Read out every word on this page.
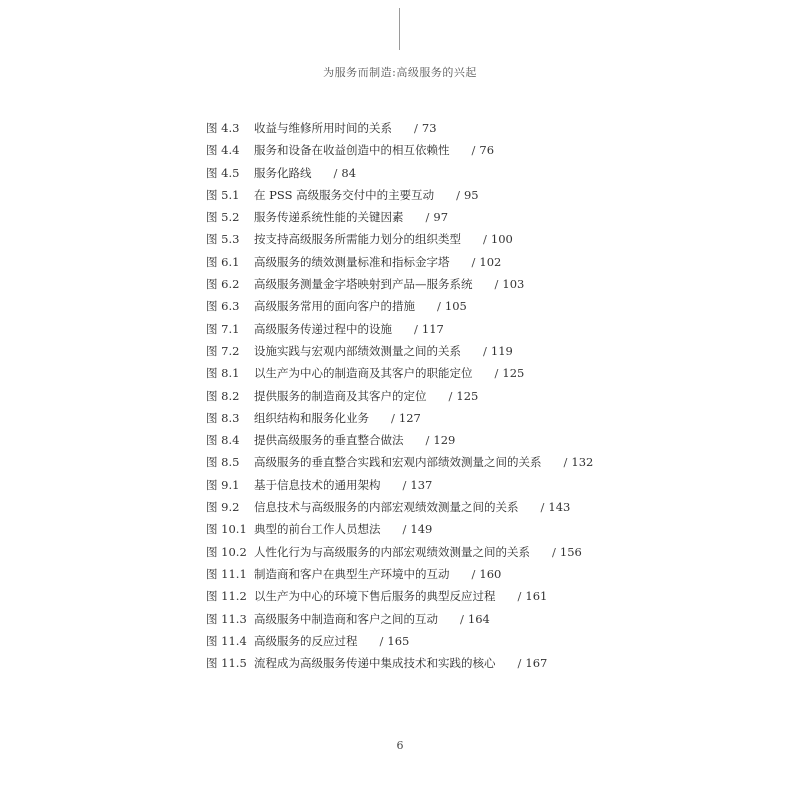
为服务而制造:高级服务的兴起
图 4.3	收益与维修所用时间的关系 / 73
图 4.4	服务和设备在收益创造中的相互依赖性 / 76
图 4.5	服务化路线 / 84
图 5.1	在 PSS 高级服务交付中的主要互动 / 95
图 5.2	服务传递系统性能的关键因素 / 97
图 5.3	按支持高级服务所需能力划分的组织类型 / 100
图 6.1	高级服务的绩效测量标准和指标金字塔 / 102
图 6.2	高级服务测量金字塔映射到产品—服务系统 / 103
图 6.3	高级服务常用的面向客户的措施 / 105
图 7.1	高级服务传递过程中的设施 / 117
图 7.2	设施实践与宏观内部绩效测量之间的关系 / 119
图 8.1	以生产为中心的制造商及其客户的职能定位 / 125
图 8.2	提供服务的制造商及其客户的定位 / 125
图 8.3	组织结构和服务化业务 / 127
图 8.4	提供高级服务的垂直整合做法 / 129
图 8.5	高级服务的垂直整合实践和宏观内部绩效测量之间的关系 / 132
图 9.1	基于信息技术的通用架构 / 137
图 9.2	信息技术与高级服务的内部宏观绩效测量之间的关系 / 143
图 10.1 典型的前台工作人员想法 / 149
图 10.2 人性化行为与高级服务的内部宏观绩效测量之间的关系 / 156
图 11.1 制造商和客户在典型生产环境中的互动 / 160
图 11.2 以生产为中心的环境下售后服务的典型反应过程 / 161
图 11.3 高级服务中制造商和客户之间的互动 / 164
图 11.4 高级服务的反应过程 / 165
图 11.5 流程成为高级服务传递中集成技术和实践的核心 / 167
6
